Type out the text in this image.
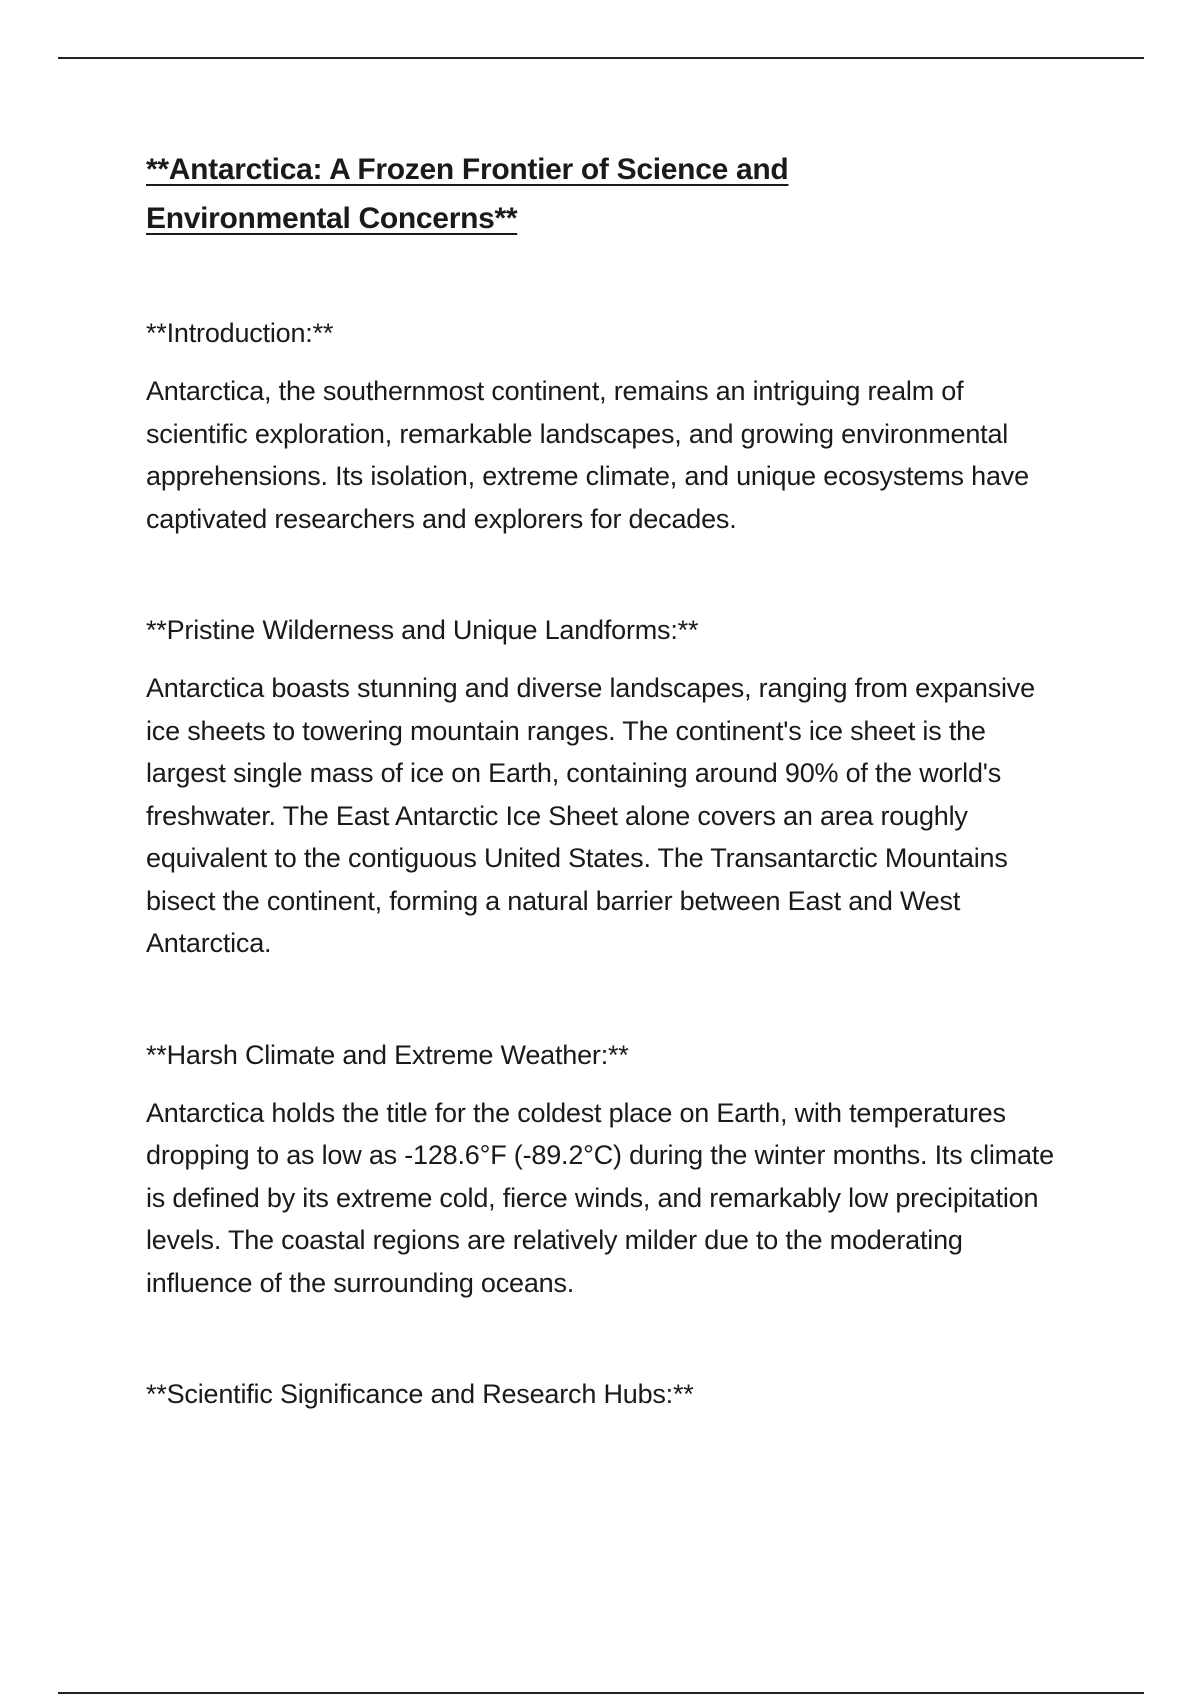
**Antarctica: A Frozen Frontier of Science and Environmental Concerns**
**Introduction:**

Antarctica, the southernmost continent, remains an intriguing realm of scientific exploration, remarkable landscapes, and growing environmental apprehensions. Its isolation, extreme climate, and unique ecosystems have captivated researchers and explorers for decades.

**Pristine Wilderness and Unique Landforms:**

Antarctica boasts stunning and diverse landscapes, ranging from expansive ice sheets to towering mountain ranges. The continent's ice sheet is the largest single mass of ice on Earth, containing around 90% of the world's freshwater. The East Antarctic Ice Sheet alone covers an area roughly equivalent to the contiguous United States. The Transantarctic Mountains bisect the continent, forming a natural barrier between East and West Antarctica.

**Harsh Climate and Extreme Weather:**

Antarctica holds the title for the coldest place on Earth, with temperatures dropping to as low as -128.6°F (-89.2°C) during the winter months. Its climate is defined by its extreme cold, fierce winds, and remarkably low precipitation levels. The coastal regions are relatively milder due to the moderating influence of the surrounding oceans.

**Scientific Significance and Research Hubs:**
